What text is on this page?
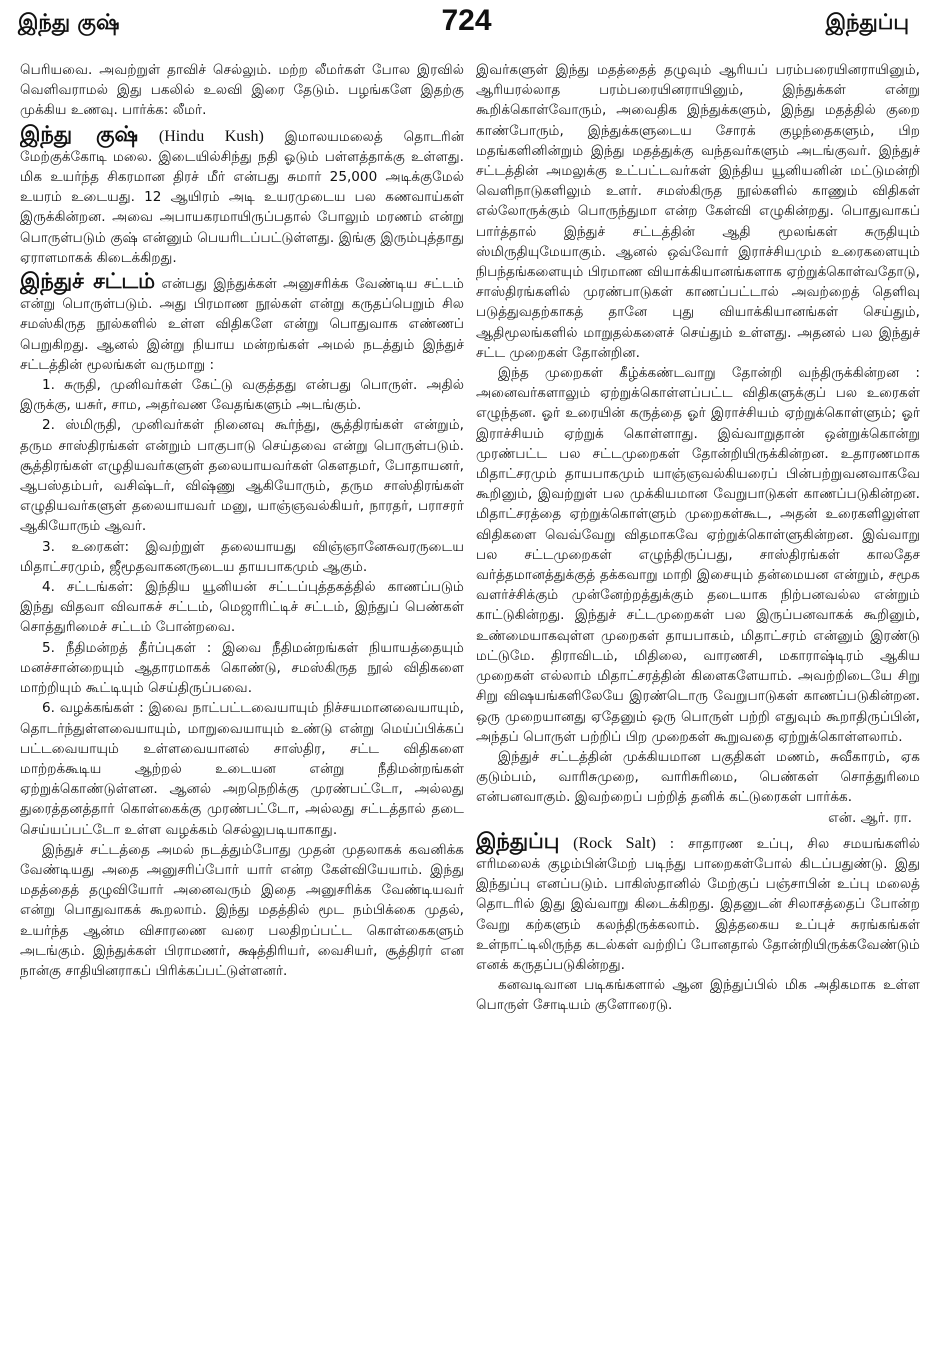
இந்து குஷ்	724	இந்துப்பு

பெரியவை. அவற்றுள் தாவிச் செல்லும். மற்ற லீமர்கள் போல இரவில் வெளிவராமல் இது பகலில் உலவி இரை தேடும். பழங்களே இதற்கு முக்கிய உணவு. பார்க்க: லீமர்.

இந்து குஷ் (Hindu Kush) இமாலயமலைத் தொடரின் மேற்குக்கோடி மலை. இடையில்சிந்து நதி ஓடும் பள்ளத்தாக்கு உள்ளது. மிக உயர்ந்த சிகரமான திரச் மீர் என்பது சுமார் 25,000 அடிக்குமேல் உயரம் உடையது. 12 ஆயிரம் அடி உயரமுடைய பல கணவாய்கள் இருக்கின்றன. அவை அபாயகரமாயிருப்பதால் போலும் மரணம் என்று பொருள்படும் குஷ் என்னும் பெயரிடப்பட்டுள்ளது. இங்கு இரும்புத்தாது ஏராளமாகக் கிடைக்கிறது.

இந்துச் சட்டம் என்பது இந்துக்கள் அனுசரிக்க வேண்டிய சட்டம் என்று பொருள்படும். அது பிரமாண நூல்கள் என்று கருதப்பெறும் சில சமஸ்கிருத நூல்களில் உள்ள விதிகளே என்று பொதுவாக எண்ணப் பெறுகிறது. ஆனல் இன்று நியாய மன்றங்கள் அமல் நடத்தும் இந்துச் சட்டத்தின் மூலங்கள் வருமாறு :

1. சுருதி, முனிவர்கள் கேட்டு வகுத்தது என்பது பொருள். அதில் இருக்கு, யசுர், சாம, அதர்வண வேதங்களும் அடங்கும்.

2. ஸ்மிருதி, முனிவர்கள் நினைவு கூர்ந்து, சூத்திரங்கள் என்றும், தரும சாஸ்திரங்கள் என்றும் பாகுபாடு செய்தவை என்று பொருள்படும். சூத்திரங்கள் எழுதியவர்களுள் தலையாயவர்கள் கௌதமர், போதாயனர், ஆபஸ்தம்பர், வசிஷ்டர், விஷ்ணு ஆகியோரும், தரும சாஸ்திரங்கள் எழுதியவர்களுள் தலையாயவர் மனு, யாஞ்ஞவல்கியர், நாரதர், பராசரர் ஆகியோரும் ஆவர்.

3. உரைகள்: இவற்றுள் தலையாயது விஞ்ஞானேசுவரருடைய மிதாட்சரமும், ஜீமூதவாகனருடைய தாயபாகமும் ஆகும்.

4. சட்டங்கள்: இந்திய யூனியன் சட்டப்புத்தகத்தில் காணப்படும் இந்து விதவா விவாகச் சட்டம், மெஜாரிட்டிச் சட்டம், இந்துப் பெண்கள் சொத்துரிமைச் சட்டம் போன்றவை.

5. நீதிமன்றத் தீர்ப்புகள் : இவை நீதிமன்றங்கள் நியாயத்தையும் மனச்சான்றையும் ஆதாரமாகக் கொண்டு, சமஸ்கிருத நூல் விதிகளை மாற்றியும் கூட்டியும் செய்திருப்பவை.

6. வழக்கங்கள் : இவை நாட்பட்டவையாயும் நிச்சயமானவையாயும், தொடர்ந்துள்ளவையாயும், மாறுவையாயும் உண்டு என்று மெய்ப்பிக்கப் பட்டவையாயும் உள்ளவையானல் சாஸ்திர, சட்ட விதிகளை மாற்றக்கூடிய ஆற்றல் உடையன என்று நீதிமன்றங்கள் ஏற்றுக்கொண்டுள்ளன. ஆனல் அறநெறிக்கு முரண்பட்டோ, அல்லது துரைத்தனத்தார் கொள்கைக்கு முரண்பட்டோ, அல்லது சட்டத்தால் தடை செய்யப்பட்டோ உள்ள வழக்கம் செல்லுபடியாகாது.

இந்துச் சட்டத்தை அமல் நடத்தும்போது முதன் முதலாகக் கவனிக்க வேண்டியது அதை அனுசரிப்போர் யார் என்ற கேள்வியேயாம். இந்து மதத்தைத் தழுவியோர் அனைவரும் இதை அனுசரிக்க வேண்டியவர் என்று பொதுவாகக் கூறலாம். இந்து மதத்தில் மூட நம்பிக்கை முதல், உயர்ந்த ஆன்ம விசாரணை வரை பலதிறப்பட்ட கொள்கைகளும் அடங்கும். இந்துக்கள் பிராமணர், க்ஷத்திரியர், வைசியர், சூத்திரர் என நான்கு சாதியினராகப் பிரிக்கப்பட்டுள்ளனர்.

இவர்களுள் இந்து மதத்தைத் தழுவும் ஆரியப் பரம்பரையினராயினும், ஆரியரல்லாத பரம்பரையினராயினும், இந்துக்கள் என்று கூறிக்கொள்வோரும், அவைதிக இந்துக்களும், இந்து மதத்தில் குறை காண்போரும், இந்துக்களுடைய சோரக் குழந்தைகளும், பிற மதங்களினின்றும் இந்து மதத்துக்கு வந்தவர்களும் அடங்குவர். இந்துச் சட்டத்தின் அமலுக்கு உட்பட்டவர்கள் இந்திய யூனியனின் மட்டுமன்றி வெளிநாடுகளிலும் உளர். சமஸ்கிருத நூல்களில் காணும் விதிகள் எல்லோருக்கும் பொருந்துமா என்ற கேள்வி எழுகின்றது. பொதுவாகப் பார்த்தால் இந்துச் சட்டத்தின் ஆதி மூலங்கள் சுருதியும் ஸ்மிருதியுமேயாகும். ஆனல் ஒவ்வோர் இராச்சியமும் உரைகளையும் நிபந்தங்களையும் பிரமாண வியாக்கியானங்களாக ஏற்றுக்கொள்வதோடு, சாஸ்திரங்களில் முரண்பாடுகள் காணப்பட்டால் அவற்றைத் தெளிவு படுத்துவதற்காகத் தானே புது வியாக்கியானங்கள் செய்தும், ஆதிமூலங்களில் மாறுதல்களைச் செய்தும் உள்ளது. அதனல் பல இந்துச் சட்ட முறைகள் தோன்றின.

இந்த முறைகள் கீழ்க்கண்டவாறு தோன்றி வந்திருக்கின்றன : அனைவர்களாலும் ஏற்றுக்கொள்ளப்பட்ட விதிகளுக்குப் பல உரைகள் எழுந்தன. ஓர் உரையின் கருத்தை ஓர் இராச்சியம் ஏற்றுக்கொள்ளும்; ஓர் இராச்சியம் ஏற்றுக் கொள்ளாது. இவ்வாறுதான் ஒன்றுக்கொன்று முரண்பட்ட பல சட்டமுறைகள் தோன்றியிருக்கின்றன. உதாரணமாக மிதாட்சரமும் தாயபாகமும் யாஞ்ஞவல்கியரைப் பின்பற்றுவனவாகவே கூறினும், இவற்றுள் பல முக்கியமான வேறுபாடுகள் காணப்படுகின்றன. மிதாட்சரத்தை ஏற்றுக்கொள்ளும் முறைகள்கூட, அதன் உரைகளிலுள்ள விதிகளை வெவ்வேறு விதமாகவே ஏற்றுக்கொள்ளுகின்றன. இவ்வாறு பல சட்டமுறைகள் எழுந்திருப்பது, சாஸ்திரங்கள் காலதேச வர்த்தமானத்துக்குத் தக்கவாறு மாறி இசையும் தன்மையன என்றும், சமூக வளர்ச்சிக்கும் முன்னேற்றத்துக்கும் தடையாக நிற்பனவல்ல என்றும் காட்டுகின்றது. இந்துச் சட்டமுறைகள் பல இருப்பனவாகக் கூறினும், உண்மையாகவுள்ள முறைகள் தாயபாகம், மிதாட்சரம் என்னும் இரண்டு மட்டுமே. திராவிடம், மிதிலை, வாரணசி, மகாராஷ்டிரம் ஆகிய முறைகள் எல்லாம் மிதாட்சரத்தின் கிளைகளேயாம். அவற்றிடையே சிறு சிறு விஷயங்களிலேயே இரண்டொரு வேறுபாடுகள் காணப்படுகின்றன. ஒரு முறையானது ஏதேனும் ஒரு பொருள் பற்றி எதுவும் கூறாதிருப்பின், அந்தப் பொருள் பற்றிப் பிற முறைகள் கூறுவதை ஏற்றுக்கொள்ளலாம்.

இந்துச் சட்டத்தின் முக்கியமான பகுதிகள் மணம், சுவீகாரம், ஏக குடும்பம், வாரிசுமுறை, வாரிசுரிமை, பெண்கள் சொத்துரிமை என்பனவாகும். இவற்றைப் பற்றித் தனிக் கட்டுரைகள் பார்க்க.

என். ஆர். ரா.

இந்துப்பு (Rock Salt) : சாதாரண உப்பு, சில சமயங்களில் எரிமலைக் குழம்பின்மேற் படிந்து பாறைகள்போல் கிடப்பதுண்டு. இது இந்துப்பு எனப்படும். பாகிஸ்தானில் மேற்குப் பஞ்சாபின் உப்பு மலைத் தொடரில் இது இவ்வாறு கிடைக்கிறது. இதனுடன் சிலாசத்தைப் போன்ற வேறு கற்களும் கலந்திருக்கலாம். இத்தகைய உப்புச் சுரங்கங்கள் உள்நாட்டிலிருந்த கடல்கள் வற்றிப் போனதால் தோன்றியிருக்கவேண்டும் எனக் கருதப்படுகின்றது.

கனவடிவான படிகங்களால் ஆன இந்துப்பில் மிக அதிகமாக உள்ள பொருள் சோடியம் குளோரைடு.
